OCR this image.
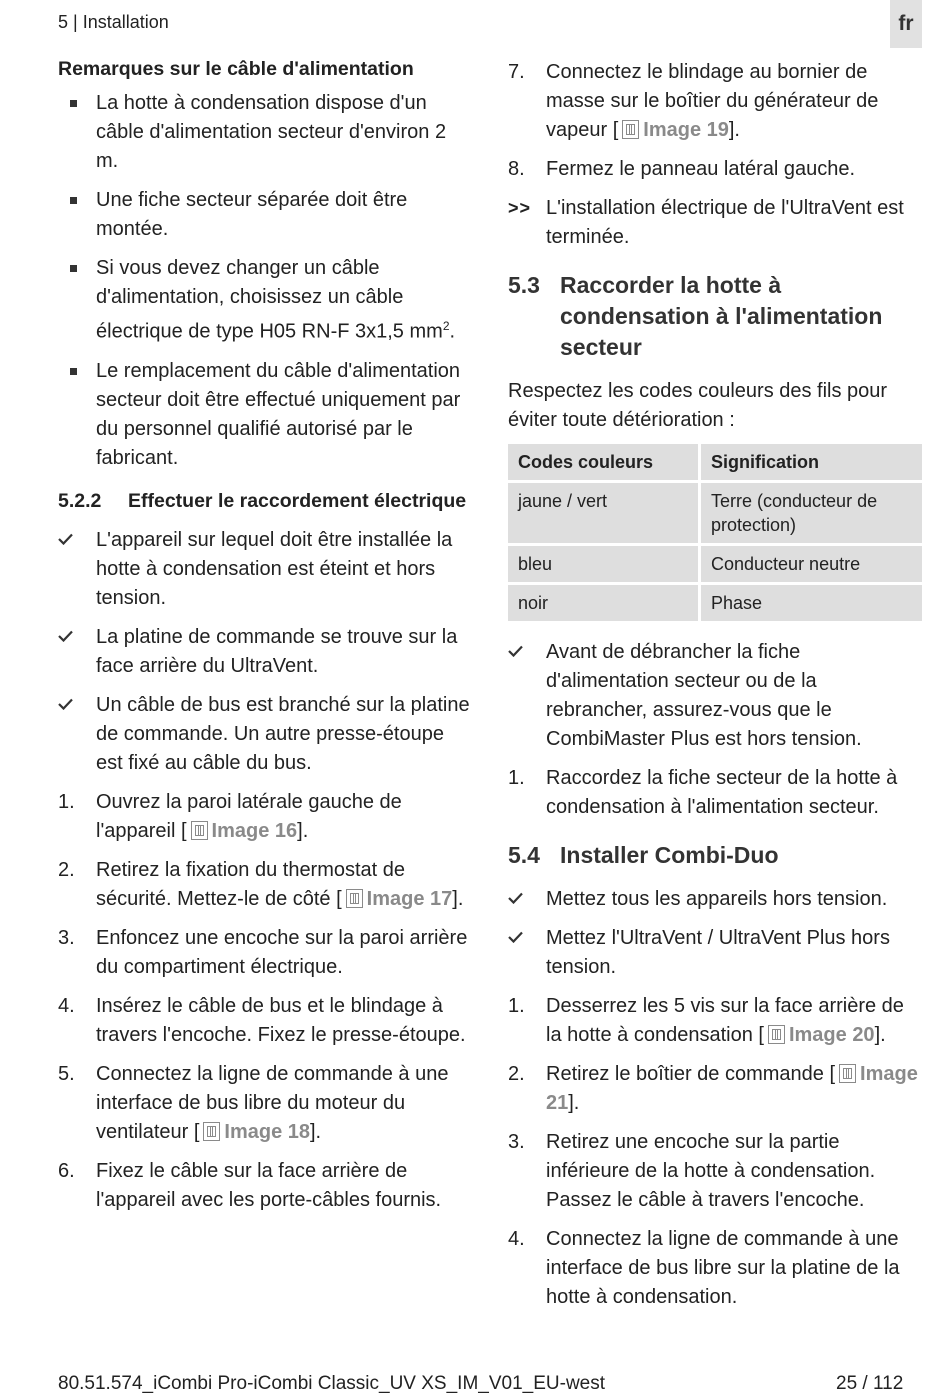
5 | Installation	fr
Remarques sur le câble d'alimentation
La hotte à condensation dispose d'un câble d'alimentation secteur d'environ 2 m.
Une fiche secteur séparée doit être montée.
Si vous devez changer un câble d'alimentation, choisissez un câble électrique de type H05 RN-F 3x1,5 $mm^2$.
Le remplacement du câble d'alimentation secteur doit être effectué uniquement par du personnel qualifié autorisé par le fabricant.
5.2.2	Effectuer le raccordement électrique
L'appareil sur lequel doit être installée la hotte à condensation est éteint et hors tension.
La platine de commande se trouve sur la face arrière du UltraVent.
Un câble de bus est branché sur la platine de commande. Un autre presse-étoupe est fixé au câble du bus.
1. Ouvrez la paroi latérale gauche de l'appareil [ Image 16].
2. Retirez la fixation du thermostat de sécurité. Mettez-le de côté [ Image 17].
3. Enfoncez une encoche sur la paroi arrière du compartiment électrique.
4. Insérez le câble de bus et le blindage à travers l'encoche. Fixez le presse-étoupe.
5. Connectez la ligne de commande à une interface de bus libre du moteur du ventilateur [ Image 18].
6. Fixez le câble sur la face arrière de l'appareil avec les porte-câbles fournis.
7. Connectez le blindage au bornier de masse sur le boîtier du générateur de vapeur [ Image 19].
8. Fermez le panneau latéral gauche.
>> L'installation électrique de l'UltraVent est terminée.
5.3 Raccorder la hotte à condensation à l'alimentation secteur
Respectez les codes couleurs des fils pour éviter toute détérioration :
Codes couleurs	Signification
jaune / vert	Terre (conducteur de protection)
bleu	Conducteur neutre
noir	Phase
Avant de débrancher la fiche d'alimentation secteur ou de la rebrancher, assurez-vous que le CombiMaster Plus est hors tension.
1. Raccordez la fiche secteur de la hotte à condensation à l'alimentation secteur.
5.4 Installer Combi-Duo
Mettez tous les appareils hors tension.
Mettez l'UltraVent / UltraVent Plus hors tension.
1. Desserrez les 5 vis sur la face arrière de la hotte à condensation [ Image 20].
2. Retirez le boîtier de commande [ Image 21].
3. Retirez une encoche sur la partie inférieure de la hotte à condensation. Passez le câble à travers l'encoche.
4. Connectez la ligne de commande à une interface de bus libre sur la platine de la hotte à condensation.
80.51.574_iCombi Pro-iCombi Classic_UV XS_IM_V01_EU-west	25 / 112
